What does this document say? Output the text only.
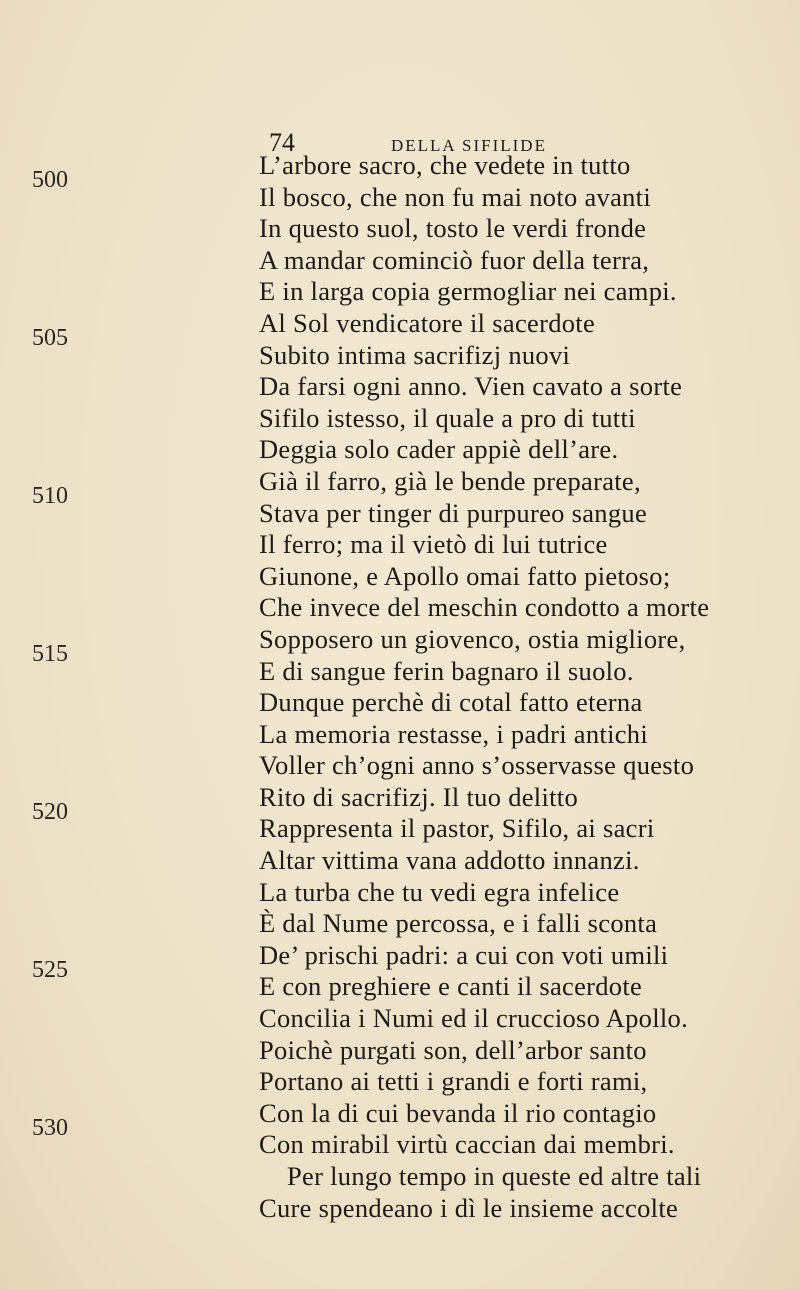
74	DELLA SIFILIDE
500
505
510
515
520
525
530
L’arbore sacro, che vedete in tutto
Il bosco, che non fu mai noto avanti
In questo suol, tosto le verdi fronde
A mandar cominciò fuor della terra,
E in larga copia germogliar nei campi.
Al Sol vendicatore il sacerdote
Subito intima sacrifizj nuovi
Da farsi ogni anno. Vien cavato a sorte
Sifilo istesso, il quale a pro di tutti
Deggia solo cader appiè dell’are.
Già il farro, già le bende preparate,
Stava per tinger di purpureo sangue
Il ferro; ma il vietò di lui tutrice
Giunone, e Apollo omai fatto pietoso;
Che invece del meschin condotto a morte
Sopposero un giovenco, ostia migliore,
E di sangue ferin bagnaro il suolo.
Dunque perchè di cotal fatto eterna
La memoria restasse, i padri antichi
Voller ch’ogni anno s’osservasse questo
Rito di sacrifizj. Il tuo delitto
Rappresenta il pastor, Sifilo, ai sacri
Altar vittima vana addotto innanzi.
La turba che tu vedi egra infelice
È dal Nume percossa, e i falli sconta
De’ prischi padri: a cui con voti umili
E con preghiere e canti il sacerdote
Concilia i Numi ed il cruccioso Apollo.
Poichè purgati son, dell’arbor santo
Portano ai tetti i grandi e forti rami,
Con la di cui bevanda il rio contagio
Con mirabil virtù caccian dai membri.
Per lungo tempo in queste ed altre tali
Cure spendeano i dì le insieme accolte
